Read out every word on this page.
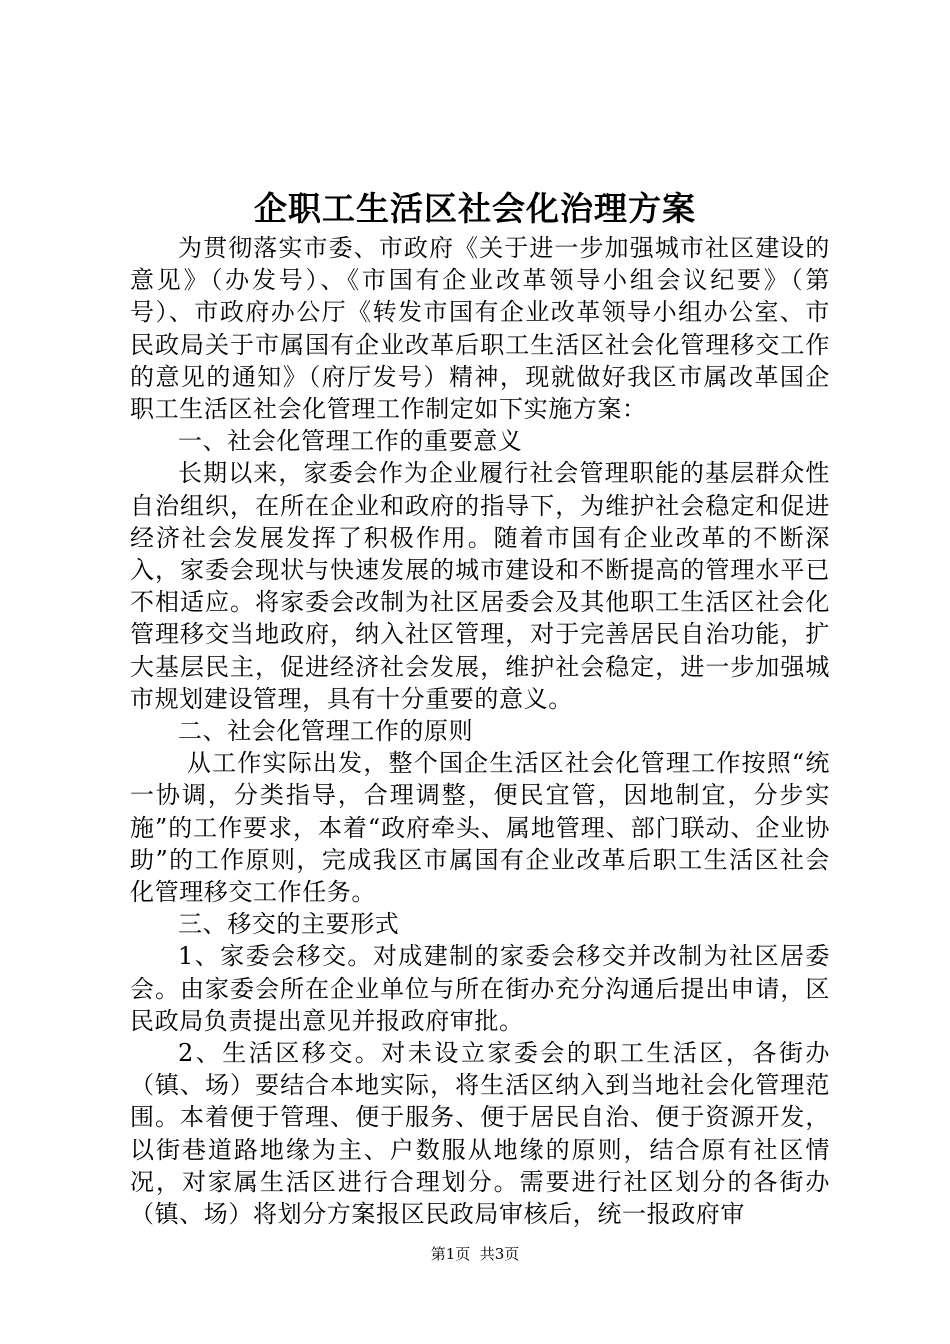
企职工生活区社会化治理方案

为贯彻落实市委、市政府《关于进一步加强城市社区建设的意见》（办发号）、《市国有企业改革领导小组会议纪要》（第号）、市政府办公厅《转发市国有企业改革领导小组办公室、市民政局关于市属国有企业改革后职工生活区社会化管理移交工作的意见的通知》（府厅发号）精神，现就做好我区市属改革国企职工生活区社会化管理工作制定如下实施方案：

一、社会化管理工作的重要意义

长期以来，家委会作为企业履行社会管理职能的基层群众性自治组织，在所在企业和政府的指导下，为维护社会稳定和促进经济社会发展发挥了积极作用。随着市国有企业改革的不断深入，家委会现状与快速发展的城市建设和不断提高的管理水平已不相适应。将家委会改制为社区居委会及其他职工生活区社会化管理移交当地政府，纳入社区管理，对于完善居民自治功能，扩大基层民主，促进经济社会发展，维护社会稳定，进一步加强城市规划建设管理，具有十分重要的意义。

二、社会化管理工作的原则

从工作实际出发，整个国企生活区社会化管理工作按照“统一协调，分类指导，合理调整，便民宜管，因地制宜，分步实施”的工作要求，本着“政府牵头、属地管理、部门联动、企业协助”的工作原则，完成我区市属国有企业改革后职工生活区社会化管理移交工作任务。

三、移交的主要形式

1、家委会移交。对成建制的家委会移交并改制为社区居委会。由家委会所在企业单位与所在街办充分沟通后提出申请，区民政局负责提出意见并报政府审批。

2、生活区移交。对未设立家委会的职工生活区，各街办（镇、场）要结合本地实际，将生活区纳入到当地社会化管理范围。本着便于管理、便于服务、便于居民自治、便于资源开发，以街巷道路地缘为主、户数服从地缘的原则，结合原有社区情况，对家属生活区进行合理划分。需要进行社区划分的各街办（镇、场）将划分方案报区民政局审核后，统一报政府审

第1页  共3页
